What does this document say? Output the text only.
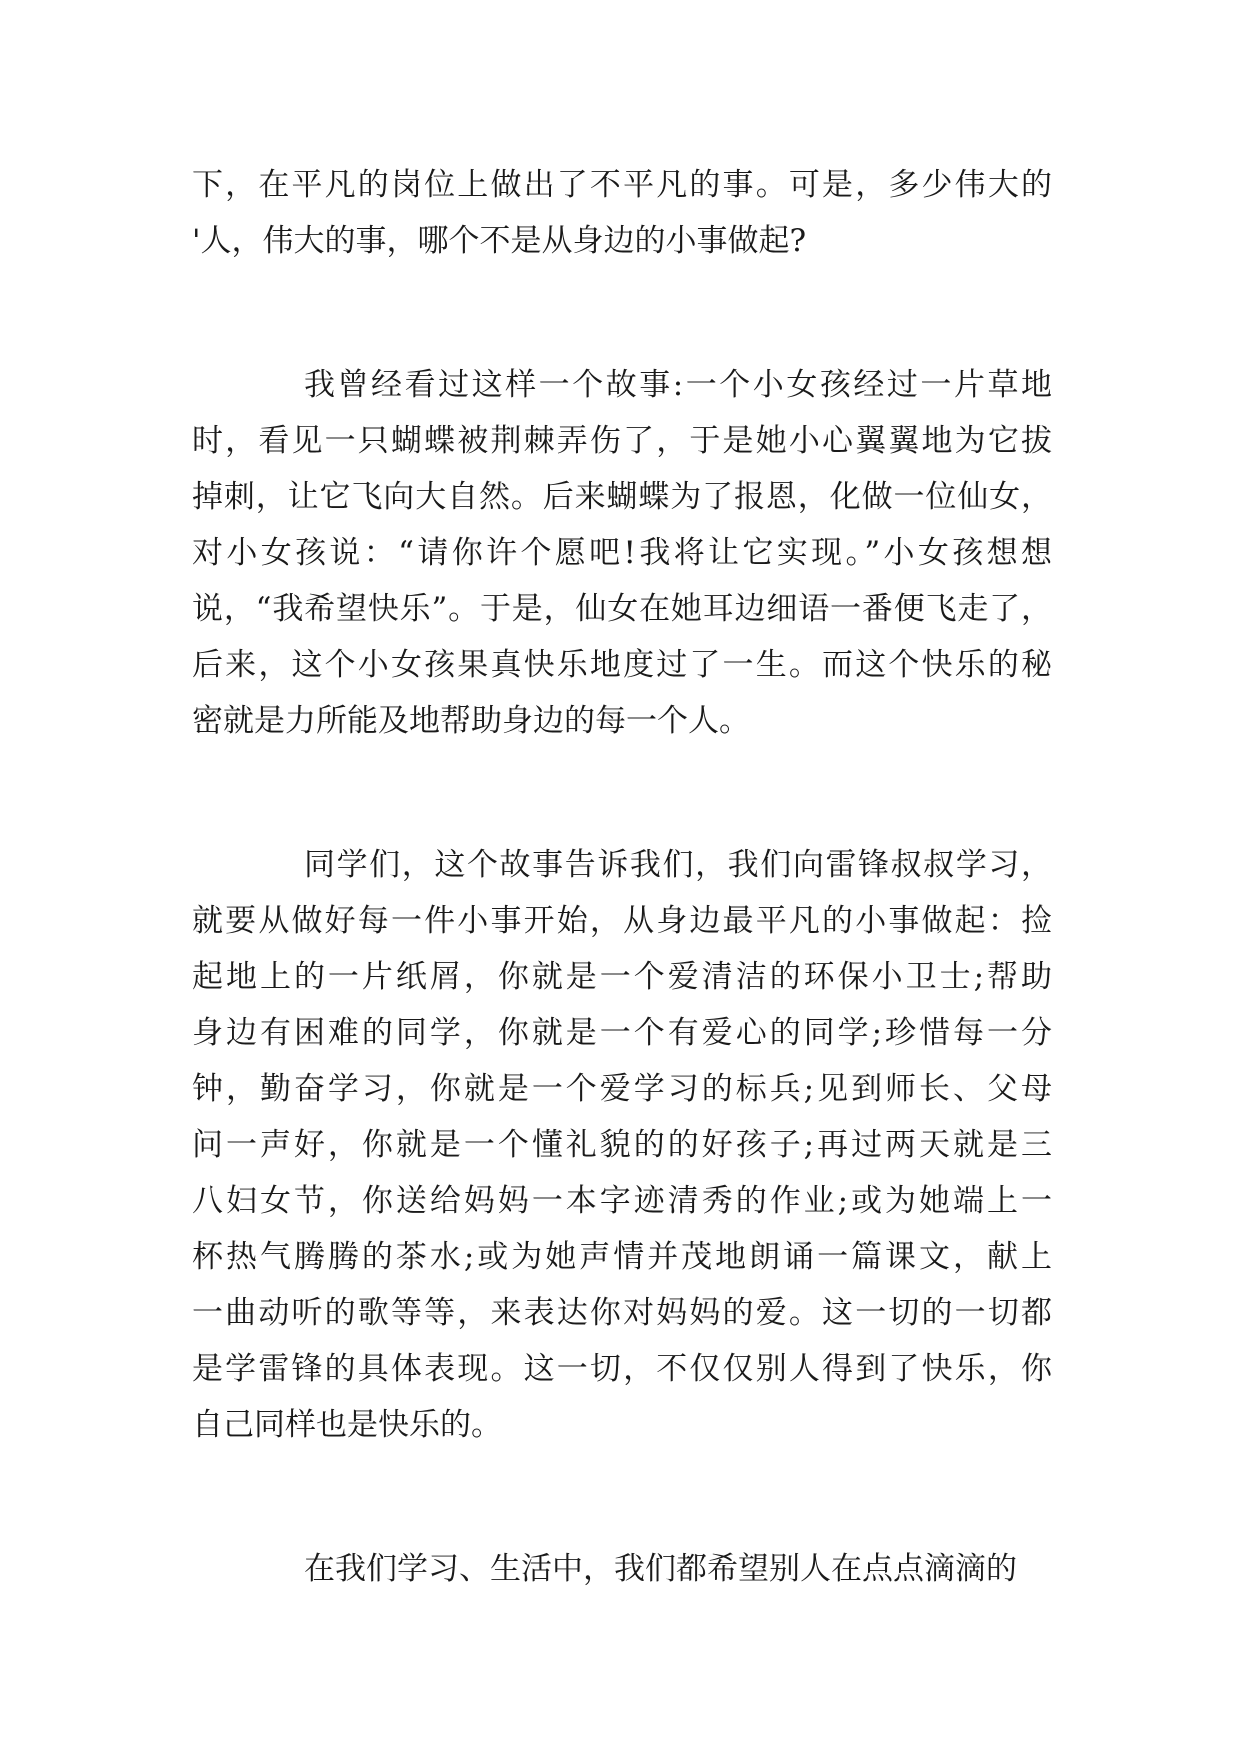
下，在平凡的岗位上做出了不平凡的事。可是，多少伟大的
'人，伟大的事，哪个不是从身边的小事做起?
我曾经看过这样一个故事:一个小女孩经过一片草地
时，看见一只蝴蝶被荆棘弄伤了，于是她小心翼翼地为它拔
掉刺，让它飞向大自然。后来蝴蝶为了报恩，化做一位仙女，
对小女孩说：“请你许个愿吧!我将让它实现。”小女孩想想
说，“我希望快乐”。于是，仙女在她耳边细语一番便飞走了，
后来，这个小女孩果真快乐地度过了一生。而这个快乐的秘
密就是力所能及地帮助身边的每一个人。
同学们，这个故事告诉我们，我们向雷锋叔叔学习，
就要从做好每一件小事开始，从身边最平凡的小事做起：捡
起地上的一片纸屑，你就是一个爱清洁的环保小卫士;帮助
身边有困难的同学，你就是一个有爱心的同学;珍惜每一分
钟，勤奋学习，你就是一个爱学习的标兵;见到师长、父母
问一声好，你就是一个懂礼貌的的好孩子;再过两天就是三
八妇女节，你送给妈妈一本字迹清秀的作业;或为她端上一
杯热气腾腾的茶水;或为她声情并茂地朗诵一篇课文，献上
一曲动听的歌等等，来表达你对妈妈的爱。这一切的一切都
是学雷锋的具体表现。这一切，不仅仅别人得到了快乐，你
自己同样也是快乐的。
在我们学习、生活中，我们都希望别人在点点滴滴的
